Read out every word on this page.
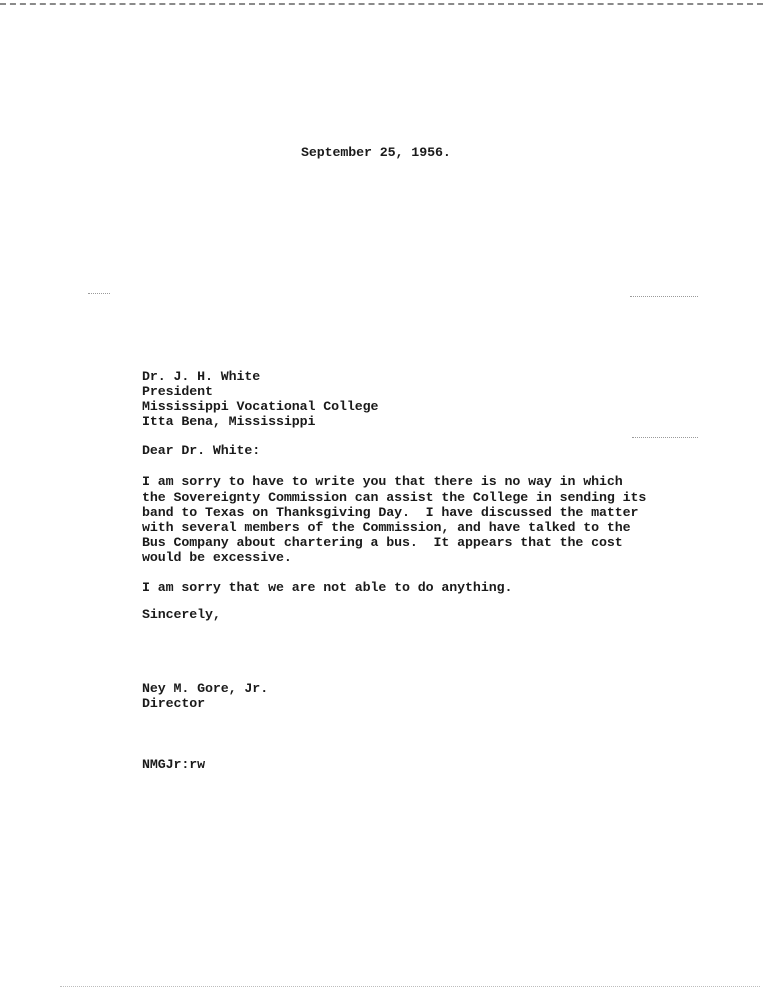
September 25, 1956.
Dr. J. H. White
President
Mississippi Vocational College
Itta Bena, Mississippi
Dear Dr. White:
I am sorry to have to write you that there is no way in which
the Sovereignty Commission can assist the College in sending its
band to Texas on Thanksgiving Day.  I have discussed the matter
with several members of the Commission, and have talked to the
Bus Company about chartering a bus.  It appears that the cost
would be excessive.
I am sorry that we are not able to do anything.
Sincerely,
Ney M. Gore, Jr.
Director
NMGJr:rw
